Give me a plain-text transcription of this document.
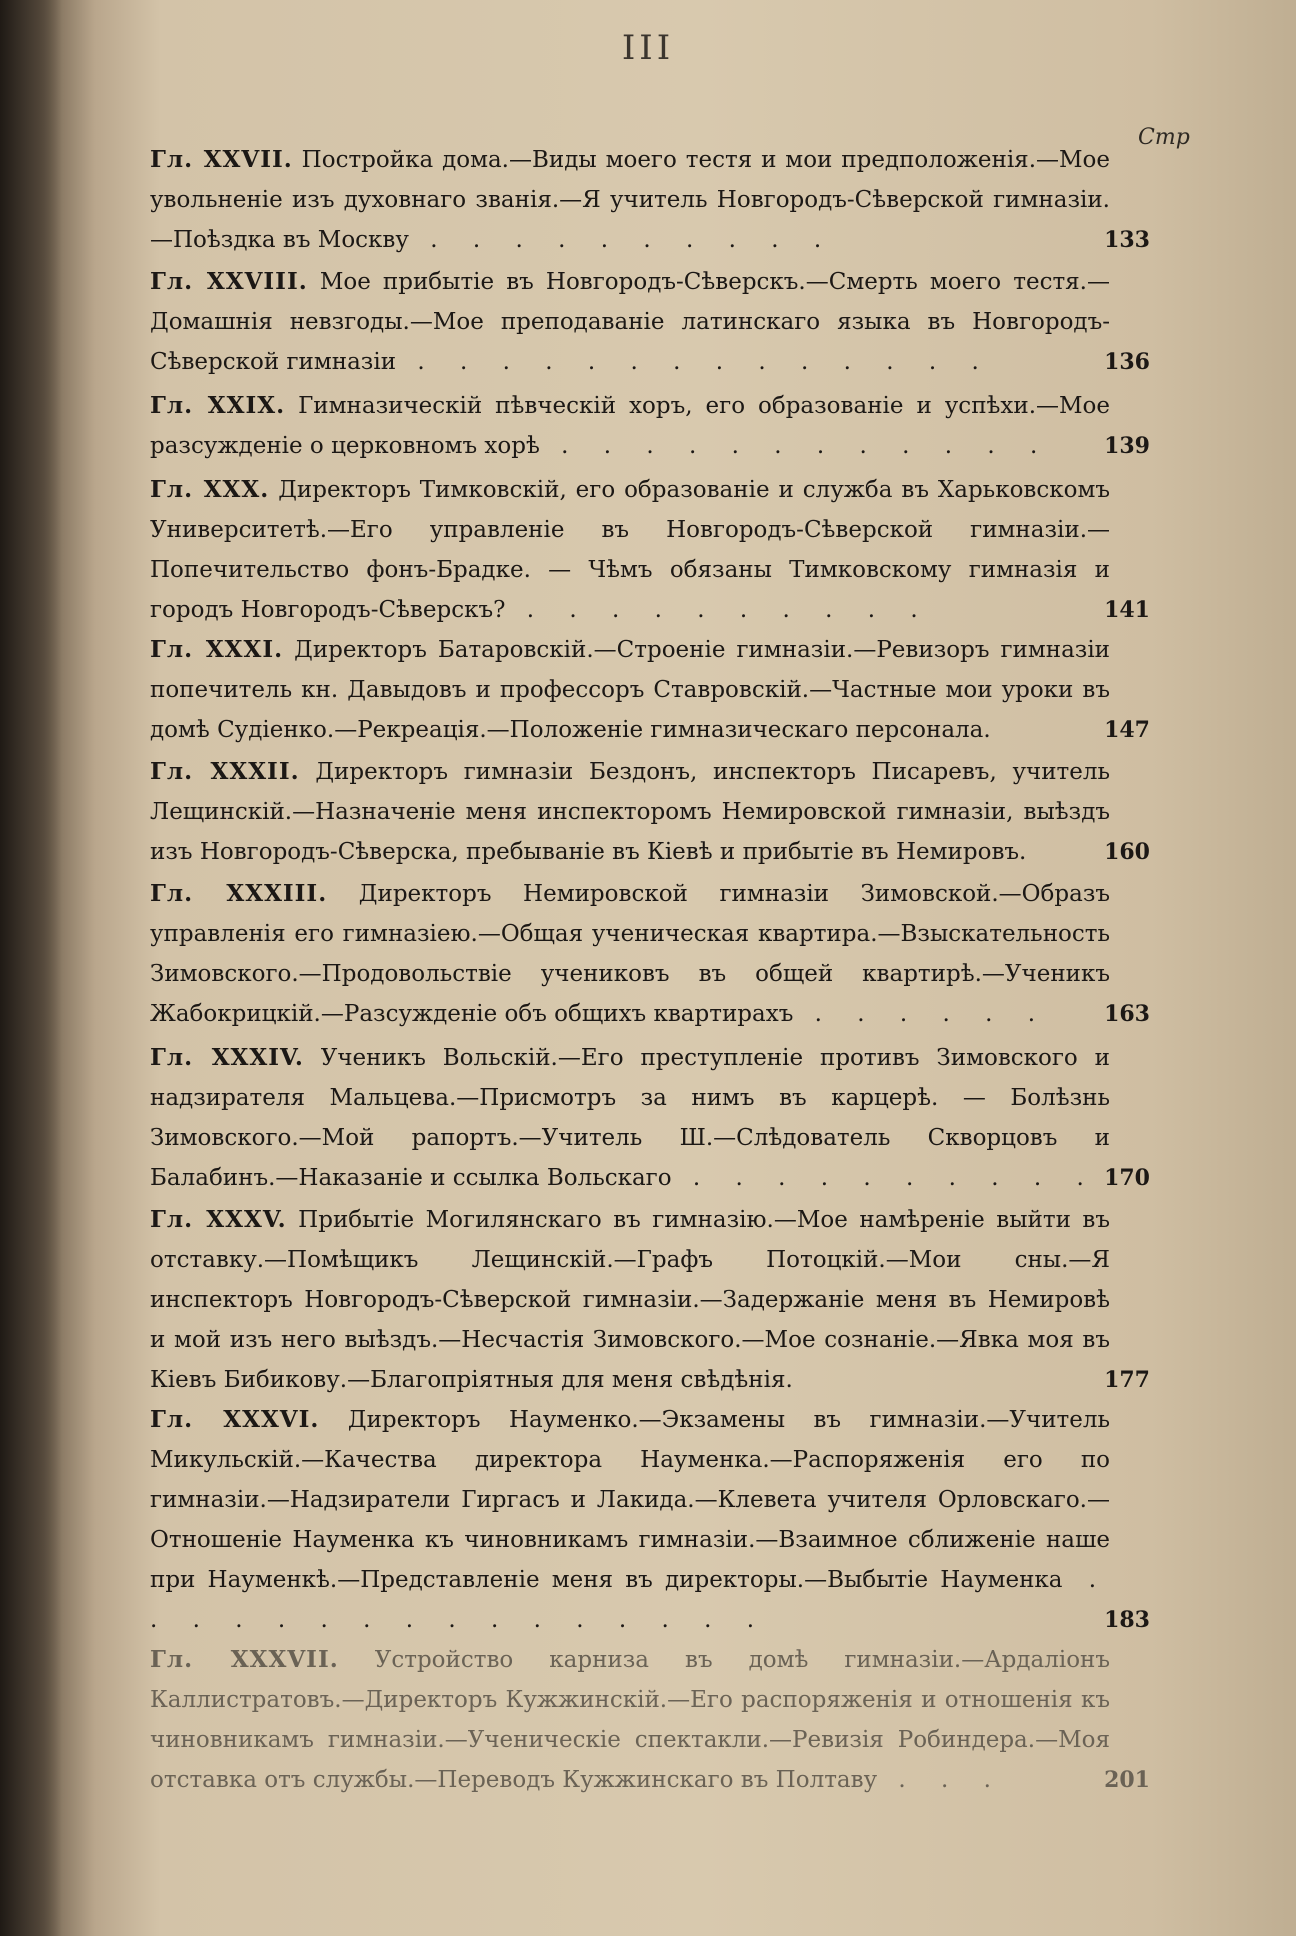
III
Стр
Гл. XXVII. Постройка дома.—Виды моего тестя и мои предположенія.—Мое увольненіе изъ духовнаго званія.—Я учитель Новгородъ-Сѣверской гимназіи.—Поѣздка въ Москву . . . . . . . . . .	133
Гл. XXVIII. Мое прибытіе въ Новгородъ-Сѣверскъ.—Смерть моего тестя.—Домашнія невзгоды.—Мое преподаваніе латинскаго языка въ Новгородъ-Сѣверской гимназіи . . . . . . . . . . . . . .	136
Гл. XXIX. Гимназическій пѣвческій хоръ, его образованіе и успѣхи.—Мое разсужденіе о церковномъ хорѣ . . . . . . . . . . . .	139
Гл. XXX. Директоръ Тимковскій, его образованіе и служба въ Харьковскомъ Университетѣ.—Его управленіе въ Новгородъ-Сѣверской гимназіи.—Попечительство фонъ-Брадке. — Чѣмъ обязаны Тимковскому гимназія и городъ Новгородъ-Сѣверскъ? . . . . . . . . . .	141
Гл. XXXI. Директоръ Батаровскій.—Строеніе гимназіи.—Ревизоръ гимназіи попечитель кн. Давыдовъ и профессоръ Ставровскій.—Частные мои уроки въ домѣ Судіенко.—Рекреація.—Положеніе гимназическаго персонала.	147
Гл. XXXII. Директоръ гимназіи Бездонъ, инспекторъ Писаревъ, учитель Лещинскій.—Назначеніе меня инспекторомъ Немировской гимназіи, выѣздъ изъ Новгородъ-Сѣверска, пребываніе въ Кіевѣ и прибытіе въ Немировъ.	160
Гл. XXXIII. Директоръ Немировской гимназіи Зимовской.—Образъ управленія его гимназіею.—Общая ученическая квартира.—Взыскательность Зимовского.—Продовольствіе учениковъ въ общей квартирѣ.—Ученикъ Жабокрицкій.—Разсужденіе объ общихъ квартирахъ . . . . . .	163
Гл. XXXIV. Ученикъ Вольскій.—Его преступленіе противъ Зимовского и надзирателя Мальцева.—Присмотръ за нимъ въ карцерѣ. — Болѣзнь Зимовского.—Мой рапортъ.—Учитель Ш.—Слѣдователь Скворцовъ и Балабинъ.—Наказаніе и ссылка Вольскаго . . . . . . . . . . 170
Гл. XXXV. Прибытіе Могилянскаго въ гимназію.—Мое намѣреніе выйти въ отставку.—Помѣщикъ Лещинскій.—Графъ Потоцкій.—Мои сны.—Я инспекторъ Новгородъ-Сѣверской гимназіи.—Задержаніе меня въ Немировѣ и мой изъ него выѣздъ.—Несчастія Зимовского.—Мое сознаніе.—Явка моя въ Кіевъ Бибикову.—Благопріятныя для меня свѣдѣнія.	177
Гл. XXXVI. Директоръ Науменко.—Экзамены въ гимназіи.—Учитель Микульскій.—Качества директора Науменка.—Распоряженія его по гимназіи.—Надзиратели Гиргасъ и Лакида.—Клевета учителя Орловскаго.—Отношеніе Науменка къ чиновникамъ гимназіи.—Взаимное сближеніе наше при Науменкѣ.—Представленіе меня въ директоры.—Выбытіе Науменка . . . . . . . . . . . . . . . .	183
Гл. XXXVII. Устройство карниза въ домѣ гимназіи.—Ардаліонъ Каллистратовъ.—Директоръ Кужжинскій.—Его распоряженія и отношенія къ чиновникамъ гимназіи.—Ученическіе спектакли.—Ревизія Робиндера.—Моя отставка отъ службы.—Переводъ Кужжинскаго въ Полтаву . . .	201
